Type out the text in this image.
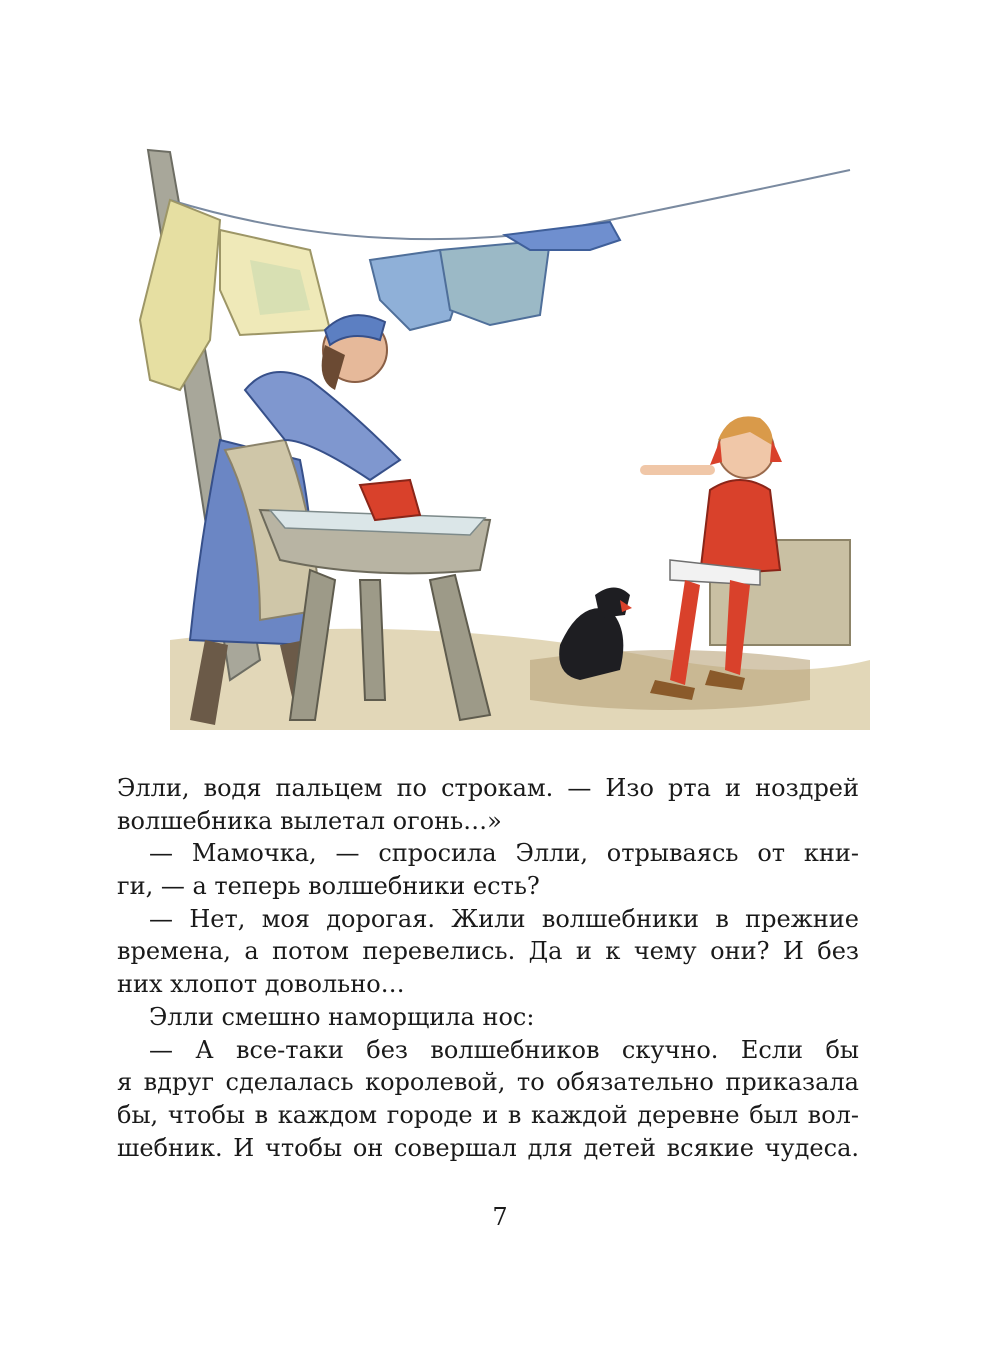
Элли, водя пальцем по строкам. — Изо рта и ноздрей
волшебника вылетал огонь…»
— Мамочка, — спросила Элли, отрываясь от кни-
ги, — а теперь волшебники есть?
— Нет, моя дорогая. Жили волшебники в прежние
времена, а потом перевелись. Да и к чему они? И без
них хлопот довольно…
Элли смешно наморщила нос:
— А все-таки без волшебников скучно. Если бы
я вдруг сделалась королевой, то обязательно приказала
бы, чтобы в каждом городе и в каждой деревне был вол-
шебник. И чтобы он совершал для детей всякие чудеса.
7
